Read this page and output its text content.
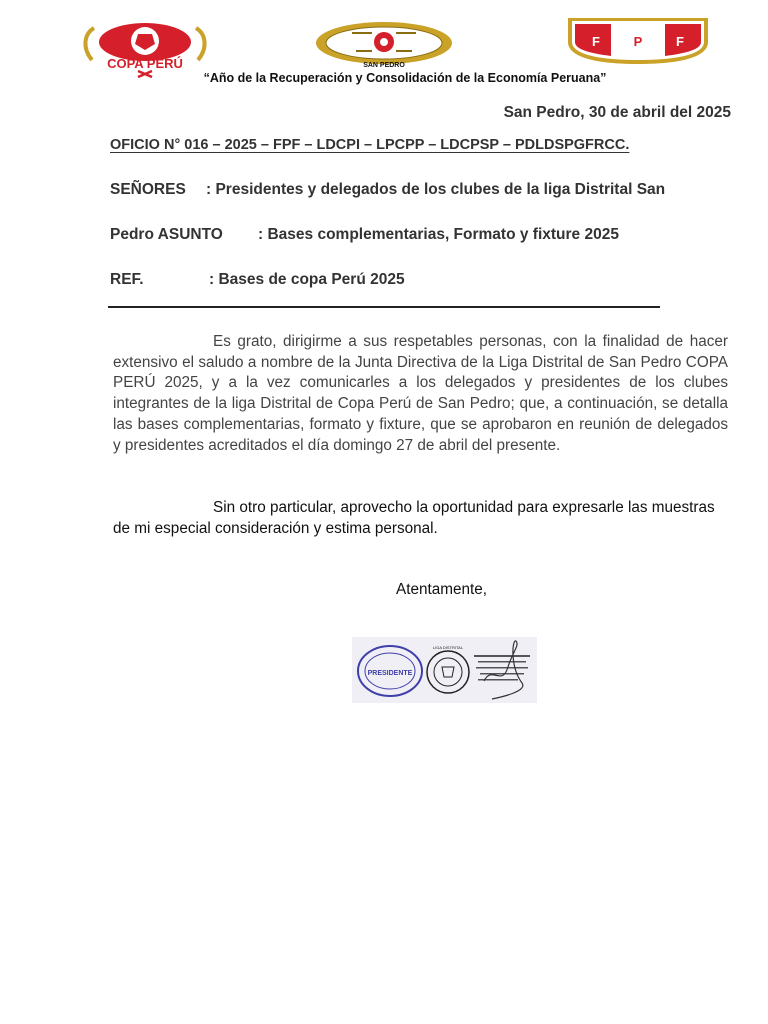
COPA PERÚ	SAN PEDRO
F	P	F
“Año de la Recuperación y Consolidación de la Economía Peruana”
San Pedro, 30 de abril del 2025
OFICIO N° 016 – 2025 – FPF – LDCPI – LPCPP – LDCPSP – PDLDSPGFRCC.
SEÑORES : Presidentes y delegados de los clubes de la liga Distrital San
Pedro ASUNTO : Bases complementarias, Formato y fixture 2025
REF.	: Bases de copa Perú 2025
Es grato, dirigirme a sus respetables personas, con la finalidad de hacer extensivo el saludo a nombre de la Junta Directiva de la Liga Distrital de San Pedro COPA PERÚ 2025, y a la vez comunicarles a los delegados y presidentes de los clubes integrantes de la liga Distrital de Copa Perú de San Pedro; que, a continuación, se detalla las bases complementarias, formato y fixture, que se aprobaron en reunión de delegados y presidentes acreditados el día domingo 27 de abril del presente.
Sin otro particular, aprovecho la oportunidad para expresarle las muestras de mi especial consideración y estima personal.
Atentamente,
PRESIDENTE
LIGA DISTRITAL
